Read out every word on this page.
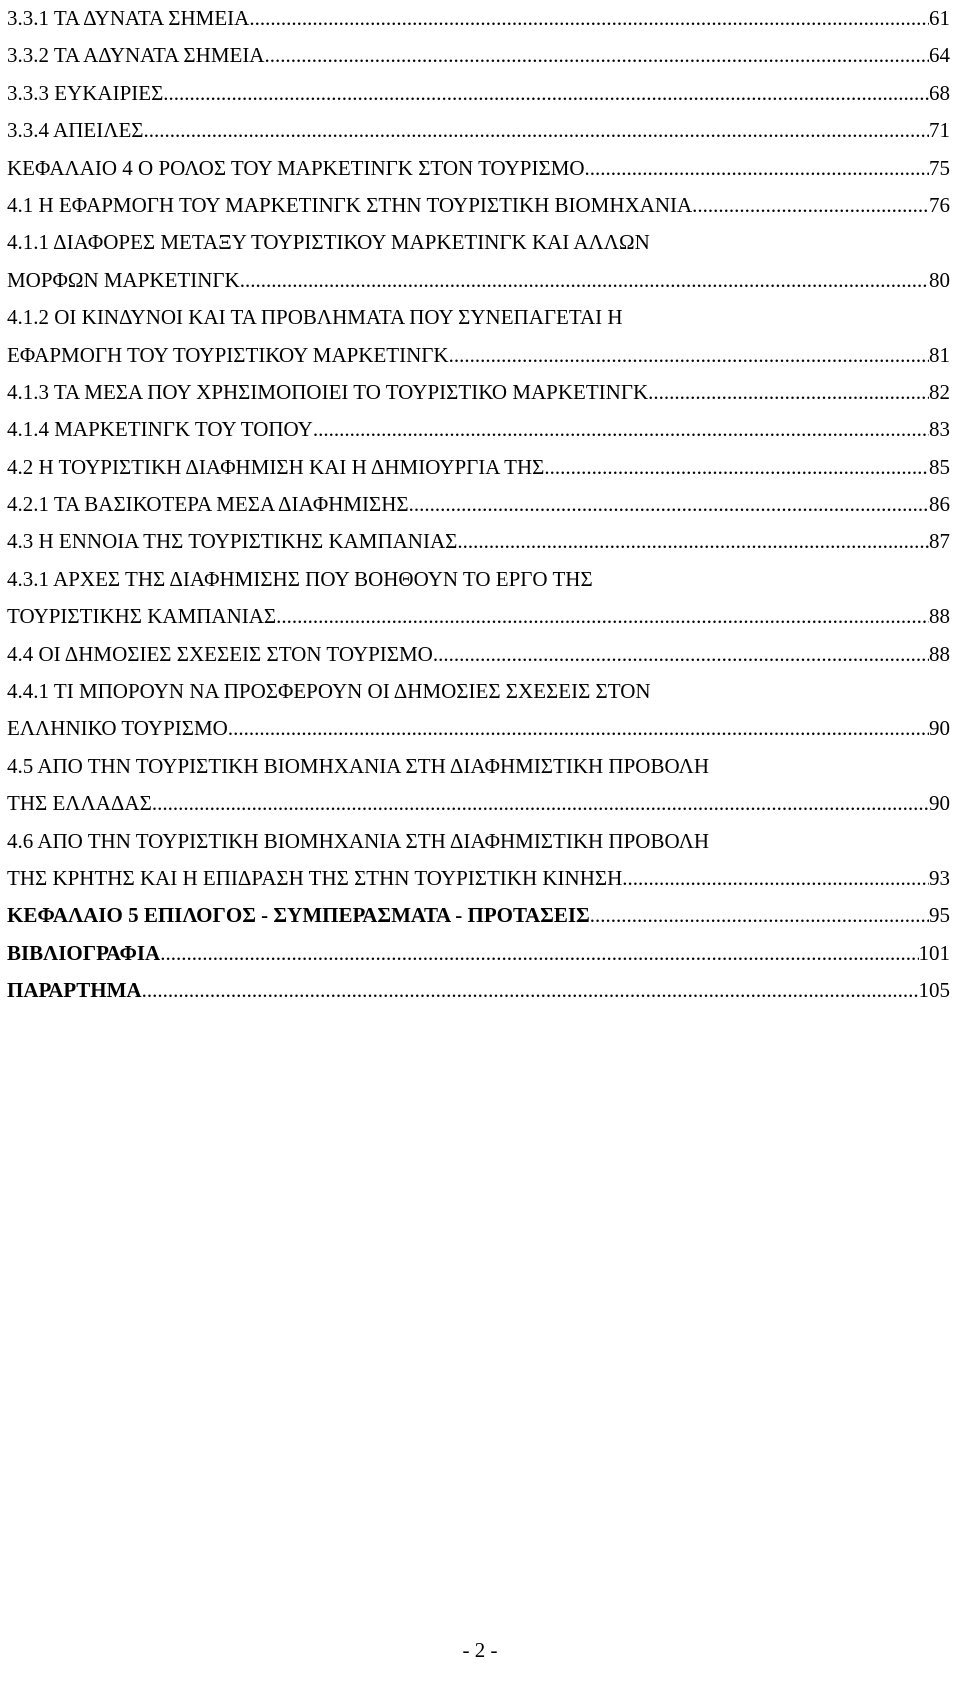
3.3.1 ΤΑ ΔΥΝΑΤΑ ΣΗΜΕΙΑ .....	61
3.3.2 ΤΑ ΑΔΥΝΑΤΑ ΣΗΜΕΙΑ .....	64
3.3.3 ΕΥΚΑΙΡΙΕΣ .....	68
3.3.4 ΑΠΕΙΛΕΣ .....	71
ΚΕΦΑΛΑΙΟ 4 Ο ΡΟΛΟΣ ΤΟΥ ΜΑΡΚΕΤΙΝΓΚ ΣΤΟΝ ΤΟΥΡΙΣΜΟ .....	75
4.1 Η ΕΦΑΡΜΟΓΗ ΤΟΥ ΜΑΡΚΕΤΙΝΓΚ ΣΤΗΝ ΤΟΥΡΙΣΤΙΚΗ ΒΙΟΜΗΧΑΝΙΑ .....	76
4.1.1 ΔΙΑΦΟΡΕΣ ΜΕΤΑΞΥ ΤΟΥΡΙΣΤΙΚΟΥ ΜΑΡΚΕΤΙΝΓΚ ΚΑΙ ΑΛΛΩΝ
ΜΟΡΦΩΝ ΜΑΡΚΕΤΙΝΓΚ .....	80
4.1.2 ΟΙ ΚΙΝΔΥΝΟΙ ΚΑΙ ΤΑ ΠΡΟΒΛΗΜΑΤΑ ΠΟΥ ΣΥΝΕΠΑΓΕΤΑΙ Η
ΕΦΑΡΜΟΓΗ ΤΟΥ ΤΟΥΡΙΣΤΙΚΟΥ ΜΑΡΚΕΤΙΝΓΚ .....	81
4.1.3 ΤΑ ΜΕΣΑ ΠΟΥ ΧΡΗΣΙΜΟΠΟΙΕΙ ΤΟ ΤΟΥΡΙΣΤΙΚΟ ΜΑΡΚΕΤΙΝΓΚ .....	82
4.1.4 ΜΑΡΚΕΤΙΝΓΚ ΤΟΥ ΤΟΠΟΥ .....	83
4.2 Η ΤΟΥΡΙΣΤΙΚΗ ΔΙΑΦΗΜΙΣΗ ΚΑΙ Η ΔΗΜΙΟΥΡΓΙΑ ΤΗΣ .....	85
4.2.1 ΤΑ ΒΑΣΙΚΟΤΕΡΑ ΜΕΣΑ ΔΙΑΦΗΜΙΣΗΣ .....	86
4.3 Η ΕΝΝΟΙΑ ΤΗΣ ΤΟΥΡΙΣΤΙΚΗΣ ΚΑΜΠΑΝΙΑΣ .....	87
4.3.1 ΑΡΧΕΣ ΤΗΣ ΔΙΑΦΗΜΙΣΗΣ ΠΟΥ ΒΟΗΘΟΥΝ ΤΟ ΕΡΓΟ ΤΗΣ
ΤΟΥΡΙΣΤΙΚΗΣ ΚΑΜΠΑΝΙΑΣ .....	88
4.4 ΟΙ ΔΗΜΟΣΙΕΣ ΣΧΕΣΕΙΣ ΣΤΟΝ ΤΟΥΡΙΣΜΟ .....	88
4.4.1 ΤΙ ΜΠΟΡΟΥΝ ΝΑ ΠΡΟΣΦΕΡΟΥΝ ΟΙ ΔΗΜΟΣΙΕΣ ΣΧΕΣΕΙΣ ΣΤΟΝ
ΕΛΛΗΝΙΚΟ ΤΟΥΡΙΣΜΟ .....	90
4.5 ΑΠΟ ΤΗΝ ΤΟΥΡΙΣΤΙΚΗ ΒΙΟΜΗΧΑΝΙΑ ΣΤΗ ΔΙΑΦΗΜΙΣΤΙΚΗ ΠΡΟΒΟΛΗ
ΤΗΣ ΕΛΛΑΔΑΣ .....	90
4.6 ΑΠΟ ΤΗΝ ΤΟΥΡΙΣΤΙΚΗ ΒΙΟΜΗΧΑΝΙΑ ΣΤΗ ΔΙΑΦΗΜΙΣΤΙΚΗ ΠΡΟΒΟΛΗ
ΤΗΣ ΚΡΗΤΗΣ ΚΑΙ Η ΕΠΙΔΡΑΣΗ ΤΗΣ ΣΤΗΝ ΤΟΥΡΙΣΤΙΚΗ ΚΙΝΗΣΗ .....	93
ΚΕΦΑΛΑΙΟ 5 ΕΠΙΛΟΓΟΣ - ΣΥΜΠΕΡΑΣΜΑΤΑ - ΠΡΟΤΑΣΕΙΣ .....	95
ΒΙΒΛΙΟΓΡΑΦΙΑ .....	101
ΠΑΡΑΡΤΗΜΑ .....	105
- 2 -
